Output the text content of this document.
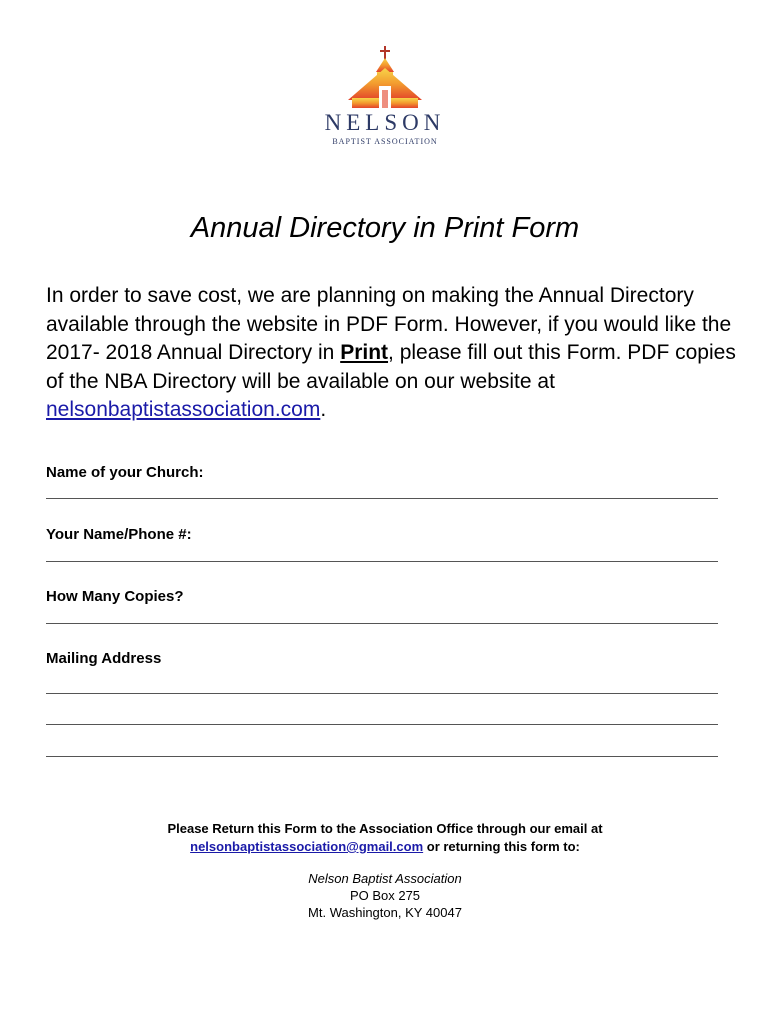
NELSON
BAPTIST ASSOCIATION
Annual Directory in Print Form

In order to save cost, we are planning on making the Annual Directory available through the website in PDF Form. However, if you would like the 2017- 2018 Annual Directory in Print, please fill out this Form. PDF copies of the NBA Directory will be available on our website at nelsonbaptistassociation.com.

Name of your Church:
Your Name/Phone #:
How Many Copies?
Mailing Address
Please Return this Form to the Association Office through our email at
nelsonbaptistassociation@gmail.com or returning this form to:
Nelson Baptist Association
PO Box 275
Mt. Washington, KY 40047
